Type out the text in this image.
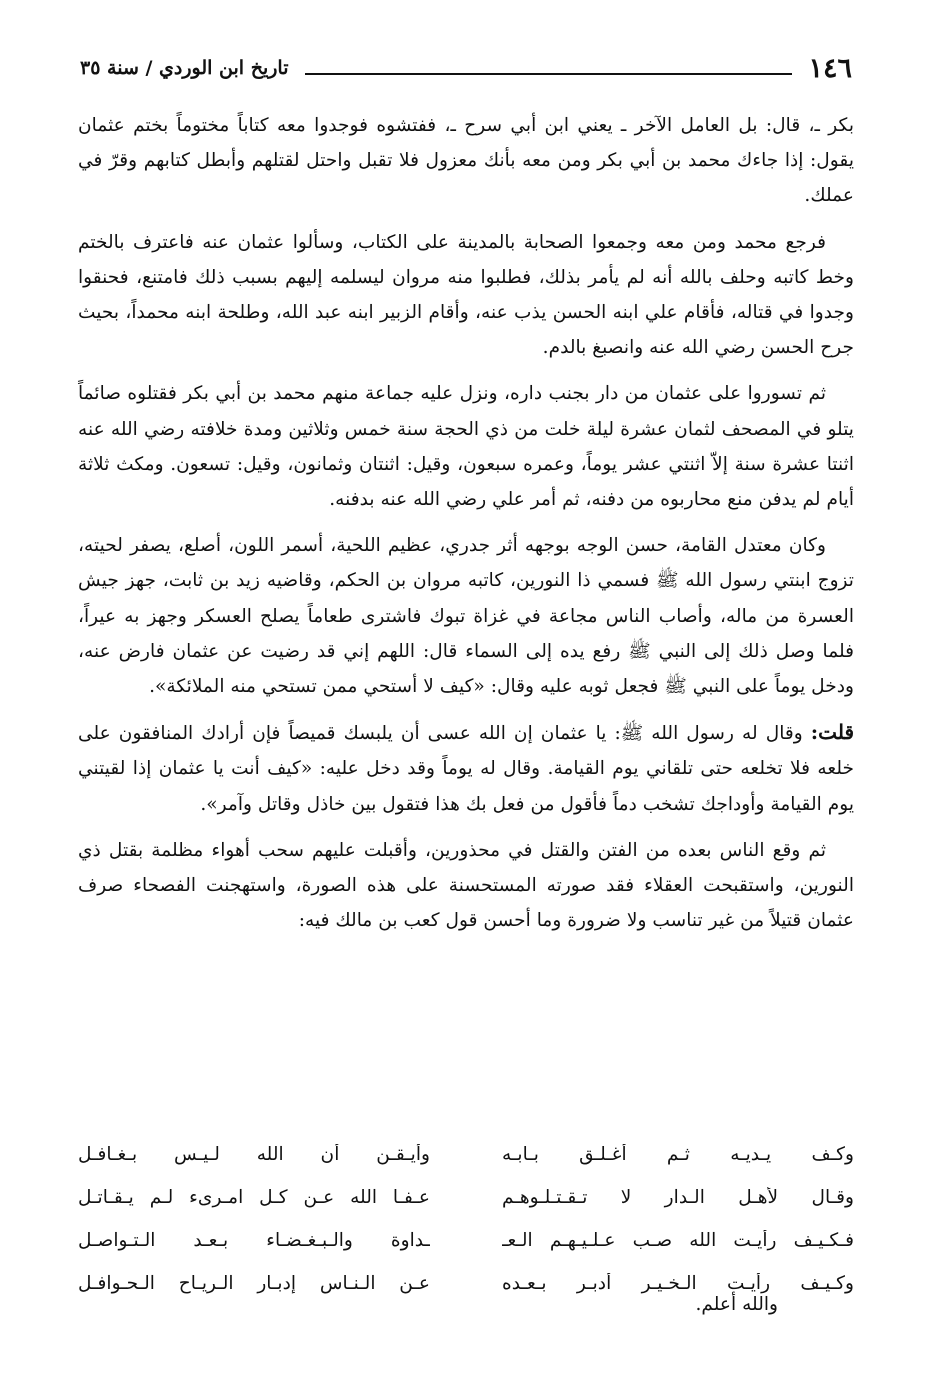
١٤٦
تاريخ ابن الوردي / سنة ٣٥

بكر ـ، قال: بل العامل الآخر ـ يعني ابن أبي سرح ـ، ففتشوه فوجدوا معه كتاباً مختوماً بختم عثمان يقول: إذا جاءك محمد بن أبي بكر ومن معه بأنك معزول فلا تقبل واحتل لقتلهم وأبطل كتابهم وقرّ في عملك.

فرجع محمد ومن معه وجمعوا الصحابة بالمدينة على الكتاب، وسألوا عثمان عنه فاعترف بالختم وخط كاتبه وحلف بالله أنه لم يأمر بذلك، فطلبوا منه مروان ليسلمه إليهم بسبب ذلك فامتنع، فحنقوا وجدوا في قتاله، فأقام علي ابنه الحسن يذب عنه، وأقام الزبير ابنه عبد الله، وطلحة ابنه محمداً، بحيث جرح الحسن رضي الله عنه وانصبغ بالدم.

ثم تسوروا على عثمان من دار بجنب داره، ونزل عليه جماعة منهم محمد بن أبي بكر فقتلوه صائماً يتلو في المصحف لثمان عشرة ليلة خلت من ذي الحجة سنة خمس وثلاثين ومدة خلافته رضي الله عنه اثنتا عشرة سنة إلاّ اثنتي عشر يوماً، وعمره سبعون، وقيل: اثنتان وثمانون، وقيل: تسعون. ومكث ثلاثة أيام لم يدفن منع محاربوه من دفنه، ثم أمر علي رضي الله عنه بدفنه.

وكان معتدل القامة، حسن الوجه بوجهه أثر جدري، عظيم اللحية، أسمر اللون، أصلع، يصفر لحيته، تزوج ابنتي رسول الله ﷺ فسمي ذا النورين، كاتبه مروان بن الحكم، وقاضيه زيد بن ثابت، جهز جيش العسرة من ماله، وأصاب الناس مجاعة في غزاة تبوك فاشترى طعاماً يصلح العسكر وجهز به عيراً، فلما وصل ذلك إلى النبي ﷺ رفع يده إلى السماء قال: اللهم إني قد رضيت عن عثمان فارض عنه، ودخل يوماً على النبي ﷺ فجعل ثوبه عليه وقال: «كيف لا أستحي ممن تستحي منه الملائكة».

قلت: وقال له رسول الله ﷺ: يا عثمان إن الله عسى أن يلبسك قميصاً فإن أرادك المنافقون على خلعه فلا تخلعه حتى تلقاني يوم القيامة. وقال له يوماً وقد دخل عليه: «كيف أنت يا عثمان إذا لقيتني يوم القيامة وأوداجك تشخب دماً فأقول من فعل بك هذا فتقول بين خاذل وقاتل وآمر».

ثم وقع الناس بعده من الفتن والقتل في محذورين، وأقبلت عليهم سحب أهواء مظلمة بقتل ذي النورين، واستقبحت العقلاء فقد صورته المستحسنة على هذه الصورة، واستهجنت الفصحاء صرف عثمان قتيلاً من غير تناسب ولا ضرورة وما أحسن قول كعب بن مالك فيه:

وكـف يـديـه ثـم أغـلـق بـابـه
وأيـقـن أن الله لـيـس بـغـافـل
وقـال لأهـل الـدار لا تـقـتـلـوهـم
عـفـا الله عـن كـل امـرىء لـم يـقـاتـل
فـكـيـف رأيـت الله صـب عـلـيـهـم الـعـ
ـداوة والـبـغـضـاء بـعـد الـتـواصـل
وكـيـف رأيـت الـخـيـر أدبـر بـعـده
عـن الـنـاس إدبـار الـريـاح الـحـوافـل
والله أعلم.
